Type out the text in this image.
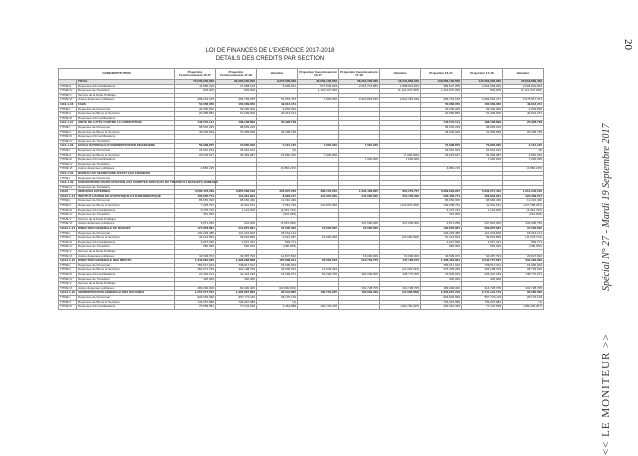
20
<< LE MONITEUR >> Spécial N° 27 - Mardi 19 Septembre 2017
LOI DE FINANCES DE L'EXERCICE 2017-2018
DETAILS DES CREDITS PAR SECTION
CODE/INSTITUTION		Projection Fonctionnement 16-17	Projection Fonctionnement 17-18	Variation	Projection Investissement 16-17	Projection Investissement 17-18	Variation	Projection 16-17	Projection 17-18	Variation
	TOTAL	73,506,000,000	83,262,000,000	9,272,000,000	45,550,130,550	58,301,000,000	16,341,869,340	118,566,130,550	144,563,000,000	25,618,869,450
TITRE II	Dépenses d'Immobilisations	11,865,226	27,968,149	9,909,921	577,549,029	2,515,713,852	1,868,821,823	589,637,255	2,604,659,930	2,006,821,844
TITRE IV	Dépenses de Transferts	536,000	536,000		1,121,337,000		(1,121,337,000)	1,121,870,000	536,000	(1,121,337,000)
TITRE V	Service de la Dette Publique									
TITRE VI	Autres dépenses publiques	299,219,160	362,769,635	63,553,475	7,500,000	2,619,863,936	2,612,363,936	306,719,160	2,982,632,471	2,675,917,311
1112-1-16	FAES	50,066,050	100,009,000	49,913,151				50,066,050	100,009,000	49,913,151
TITRE I	Dépenses de Personnel	30,000,000	39,000,000	9,000,000				30,000,000	39,000,000	9,000,000
TITRE II	Dépenses de Biens et Services	20,086,850	61,009,000	40,913,151				20,086,850	61,009,000	40,913,151
TITRE III	Dépenses d'Immobilisations									
1112-1-21	UNITE DE LUTTE CONTRE LA CORRUPTION	143,570,141	168,108,893	25,328,748				143,570,141	168,108,893	25,328,748
TITRE I	Dépenses de Personnel	98,530,225	98,839,225					98,530,225	98,839,225	
TITRE II	Dépenses de Biens et Services	45,030,920	70,359,668	25,328,748				45,030,920	70,359,668	25,328,748
TITRE III	Dépenses d'Immobilisations									
TITRE IV	Dépenses de Transferts									
1112-1-23	ECOLE NATIONALE D'ADMINISTRATION FINANCIERE	56,998,875	72,800,000	5,101,125	7,000,000	7,000,000		73,098,875	79,800,000	5,101,125
TITRE I	Dépenses de Personnel	32,510,013	32,510,012	(0)				32,510,013	32,510,012	(0)
TITRE II	Dépenses de Biens et Services	29,623,647	39,483,987	15,860,340	7,000,000		(7,000,000)	36,623,647	39,483,987	3,060,340
TITRE III	Dépenses d'Immobilisations					7,000,000	7,000,000		7,000,000	7,000,000
TITRE IV	Dépenses de Transferts									
TITRE VI	Autres dépenses publiques	4,866,215		(4,866,215)				4,866,215		(4,866,215)
1112-1-31	BUREAU DU SECRETAIRE D'ETAT AUX FINANCES									
TITRE I	Dépenses de Personnel									
1112-1-39	SUBVENTIONS D'EXPLOITATION AUX COMPTES SPECIAUX DU TRESOR ET BUDGETS ANNEXES									
TITRE IV	Dépenses de Transferts									
11122	SERVICES EXTERNES	3,506,476,039	3,855,583,319	352,807,259	483,153,250	1,904,469,825	661,254,767	3,969,629,297	5,603,071,403	1,014,242,106
11122-1-13	INSTITUT HAITIEN DE STATISTIQUE ET D'INFORMATIQUE	103,535,774	112,264,991	8,699,217	131,970,000	347,600,000	215,730,000	235,405,774	459,804,991	224,399,217
TITRE I	Dépenses de Personnel	86,650,000	98,960,460	12,310,460				86,650,000	98,960,460	12,310,460
TITRE II	Dépenses de Biens et Services	7,228,791	11,910,531	4,681,739	131,870,000		(131,870,000)	139,098,791	11,910,531	(127,188,261)
TITRE III	Dépenses d'Immobilisations	5,475,732	1,124,000	(4,351,732)				5,475,732	1,124,000	(4,351,732)
TITRE IV	Dépenses de Transferts	310,000		(310,000)				310,000		(310,000)
TITRE V	Service de la Dette Publique									
TITRE VI	Autres dépenses publiques	3,871,250	210,000	(3,661,250)		347,600,000	347,600,000	3,871,250	347,810,000	343,938,750
11122-1-14	DIRECTION GENERALE DU BUDGET	177,878,681	214,875,681	37,000,000	15,000,000	15,000,000		192,878,681	229,875,681	37,000,000
TITRE I	Dépenses de Personnel	103,229,485	121,319,606	18,091,121				103,229,485	121,319,606	18,091,121
TITRE II	Dépenses de Biens et Services	36,213,564	39,834,850	3,621,287	15,000,000		(15,000,000)	51,213,564	39,834,850	(11,378,713)
TITRE III	Dépenses d'Immobilisations	3,037,660	3,637,431	599,771				3,037,660	3,637,431	599,771
TITRE IV	Dépenses de Transferts	680,000	500,000	(180,000)				680,000	500,000	(180,000)
TITRE V	Service de la Dette Publique									
TITRE VI	Autres dépenses publiques	34,539,972	49,387,794	14,847,822		15,000,000	15,000,000	34,539,972	64,387,794	29,847,822
11122-1-15	DIRECTION GENERALE DES IMPOTS	1,342,981,646	1,329,968,968	187,898,914	65,563,033	512,729,705	447,166,672	1,408,464,681	2,042,727,587	634,262,906
TITRE I	Dépenses de Personnel	783,617,012	798,617,011	15,000,000				783,617,012	798,617,011	15,000,000
TITRE II	Dépenses de Biens et Services	362,071,763	404,108,706	42,036,943	13,333,333		(13,333,333)	375,405,096	404,108,706	28,703,610
TITRE III	Dépenses d'Immobilisations	24,416,213	44,416,184	19,999,971	52,229,700	181,000,000	128,770,300	76,645,913	225,416,184	148,770,271
TITRE IV	Dépenses de Transferts	400,000	400,000					400,000	400,000	
TITRE V	Service de la Dette Publique									
TITRE VI	Autres dépenses publiques	183,000,000	83,000,000	(20,900,000)		331,728,705	331,728,705	183,000,000	414,728,705	431,728,705
11122-1-16	ADMINISTRATION GENERALE DES DOUANES	1,257,077,554	1,362,897,884	92,644,865	190,730,225	190,659,339	(10,008,958)	2,305,837,016	2,141,121,179	92,580,666
TITRE I	Dépenses de Personnel	929,593,990	957,770,119	28,176,129				929,593,990	957,770,119	28,176,129
TITRE II	Dépenses de Biens et Services	736,697,986	739,697,984	(1)				736,697,986	739,697,984	(1)
TITRE III	Dépenses d'Immobilisations	75,659,081	77,123,939	1,464,858	190,730,225		(190,730,225)	266,319,306	77,123,939	(189,265,367)
